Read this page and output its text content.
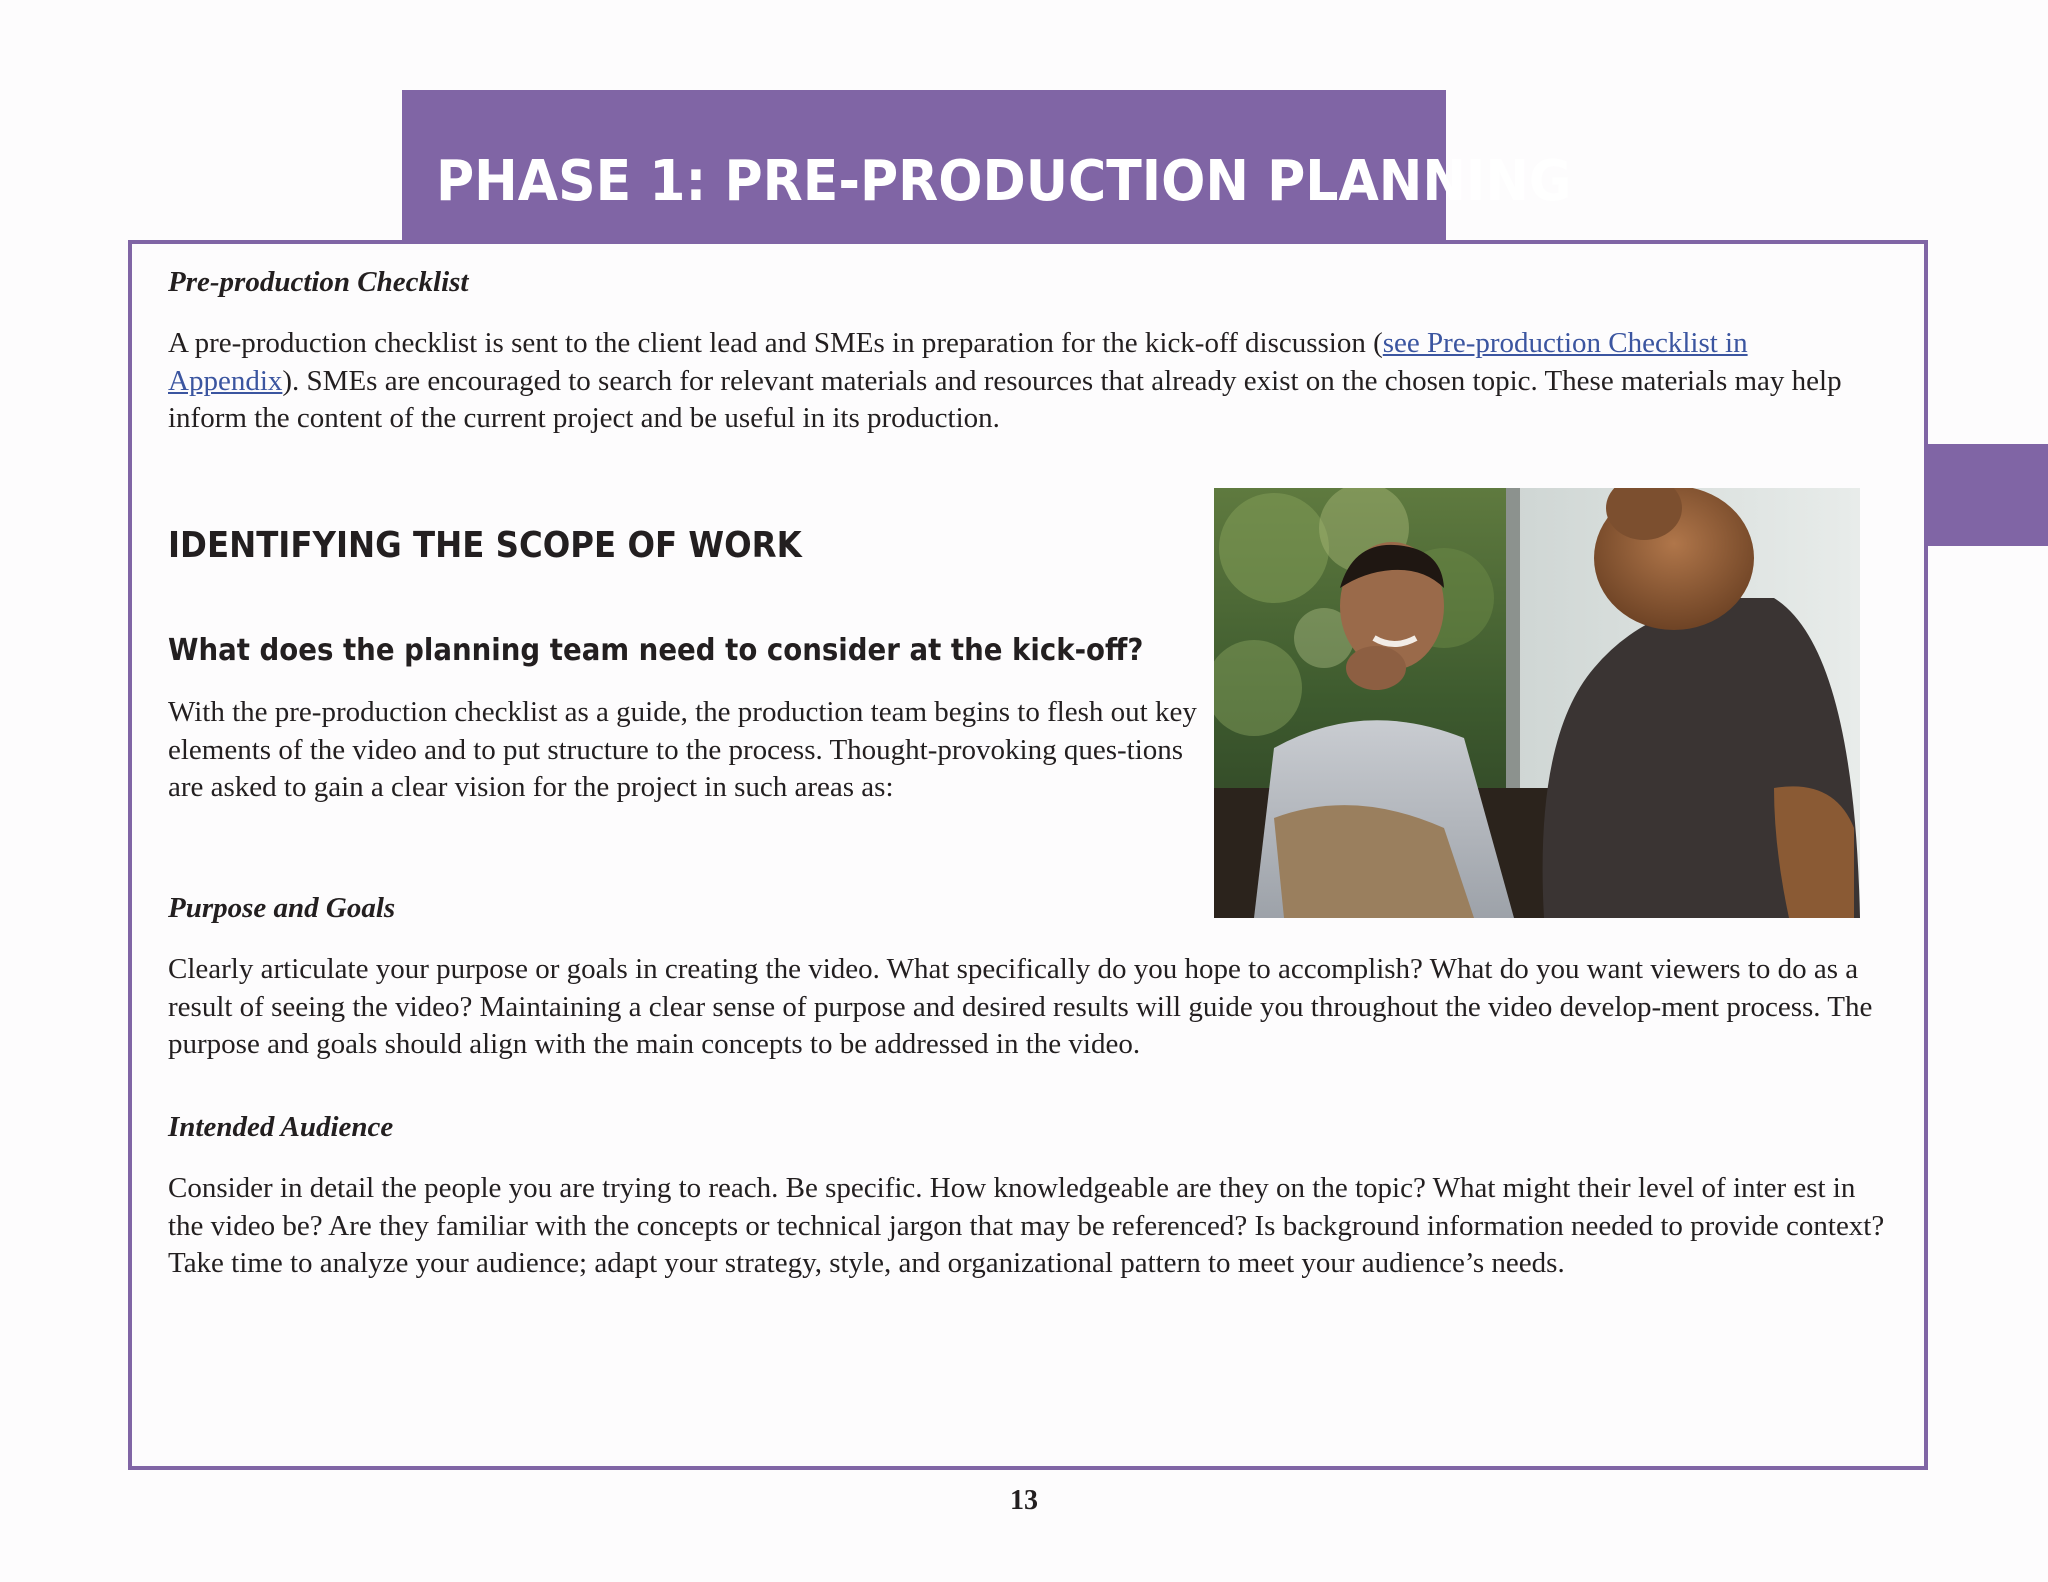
PHASE 1: PRE-PRODUCTION PLANNING
Pre-production Checklist

A pre-production checklist is sent to the client lead and SMEs in preparation for the kick-off discussion (see Pre-production Checklist in
Appendix). SMEs are encouraged to search for relevant materials and resources that already exist on the chosen topic. These materials may help inform the content of the current project and be useful in its production.

IDENTIFYING THE SCOPE OF WORK
What does the planning team need to consider at the kick-off?

With the pre-production checklist as a guide, the production team begins to flesh out key
elements of the video and to put structure to the process. Thought-provoking ques-tions are asked to gain a clear vision for the project in such areas as:

Purpose and Goals

Clearly articulate your purpose or goals in creating the video. What specifically do you hope to accomplish? What do you want viewers to do as a result of seeing the video? Maintaining a clear sense of purpose and desired results will guide you throughout the video develop-ment process. The purpose and goals should align with the main concepts to be addressed in the video.

Intended Audience

Consider in detail the people you are trying to reach. Be specific. How knowledgeable are they on the topic? What might their level of inter est in the video be? Are they familiar with the concepts or technical jargon that may be referenced? Is background information needed to provide context? Take time to analyze your audience; adapt your strategy, style, and organizational pattern to meet your audience’s needs.

13
